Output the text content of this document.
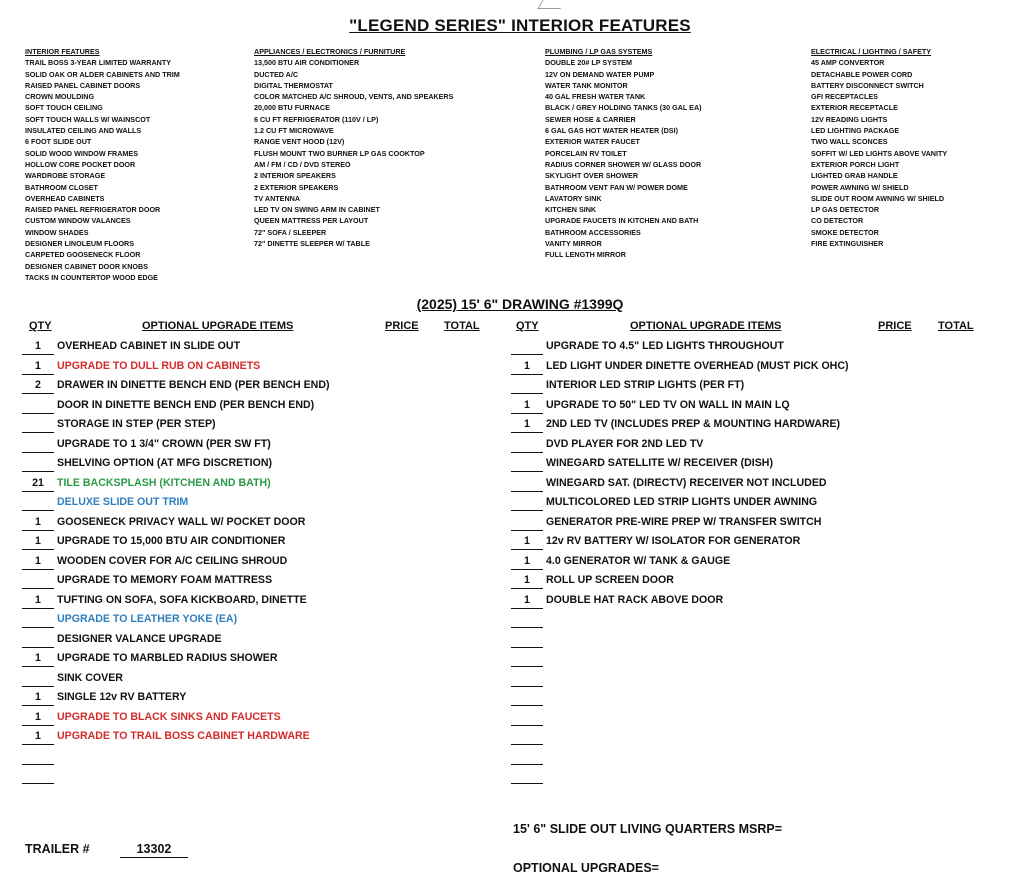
"LEGEND SERIES" INTERIOR FEATURES
INTERIOR FEATURES
TRAIL BOSS 3-YEAR LIMITED WARRANTY
SOLID OAK OR ALDER CABINETS AND TRIM
RAISED PANEL CABINET DOORS
CROWN MOULDING
SOFT TOUCH CEILING
SOFT TOUCH WALLS W/ WAINSCOT
INSULATED CEILING AND WALLS
6 FOOT SLIDE OUT
SOLID WOOD WINDOW FRAMES
HOLLOW CORE POCKET DOOR
WARDROBE STORAGE
BATHROOM CLOSET
OVERHEAD CABINETS
RAISED PANEL REFRIGERATOR DOOR
CUSTOM WINDOW VALANCES
WINDOW SHADES
DESIGNER LINOLEUM FLOORS
CARPETED GOOSENECK FLOOR
DESIGNER CABINET DOOR KNOBS
TACKS IN COUNTERTOP WOOD EDGE
APPLIANCES / ELECTRONICS / FURNITURE
13,500 BTU AIR CONDITIONER
DUCTED A/C
DIGITAL THERMOSTAT
COLOR MATCHED A/C SHROUD, VENTS, AND SPEAKERS
20,000 BTU FURNACE
6 CU FT REFRIGERATOR (110V / LP)
1.2 CU FT MICROWAVE
RANGE VENT HOOD (12V)
FLUSH MOUNT TWO BURNER LP GAS COOKTOP
AM / FM / CD / DVD STEREO
2 INTERIOR SPEAKERS
2 EXTERIOR SPEAKERS
TV ANTENNA
LED TV ON SWING ARM IN CABINET
QUEEN MATTRESS PER LAYOUT
72" SOFA / SLEEPER
72" DINETTE SLEEPER W/ TABLE
PLUMBING / LP GAS SYSTEMS
DOUBLE 20# LP SYSTEM
12V ON DEMAND WATER PUMP
WATER TANK MONITOR
40 GAL FRESH WATER TANK
BLACK / GREY HOLDING TANKS (30 GAL EA)
SEWER HOSE & CARRIER
6 GAL GAS HOT WATER HEATER (DSI)
EXTERIOR WATER FAUCET
PORCELAIN RV TOILET
RADIUS CORNER SHOWER W/ GLASS DOOR
SKYLIGHT OVER SHOWER
BATHROOM VENT FAN W/ POWER DOME
LAVATORY SINK
KITCHEN SINK
UPGRADE FAUCETS IN KITCHEN AND BATH
BATHROOM ACCESSORIES
VANITY MIRROR
FULL LENGTH MIRROR
ELECTRICAL / LIGHTING / SAFETY
45 AMP CONVERTOR
DETACHABLE POWER CORD
BATTERY DISCONNECT SWITCH
GFI RECEPTACLES
EXTERIOR RECEPTACLE
12V READING LIGHTS
LED LIGHTING PACKAGE
TWO WALL SCONCES
SOFFIT W/ LED LIGHTS ABOVE VANITY
EXTERIOR PORCH LIGHT
LIGHTED GRAB HANDLE
POWER AWNING W/ SHIELD
SLIDE OUT ROOM AWNING W/ SHIELD
LP GAS DETECTOR
CO DETECTOR
SMOKE DETECTOR
FIRE EXTINGUISHER
(2025) 15' 6" DRAWING #1399Q
QTY	OPTIONAL UPGRADE ITEMS	PRICE TOTAL	QTY	OPTIONAL UPGRADE ITEMS	PRICE TOTAL
1	OVERHEAD CABINET IN SLIDE OUT
1	UPGRADE TO DULL RUB ON CABINETS
2	DRAWER IN DINETTE BENCH END (PER BENCH END)
DOOR IN DINETTE BENCH END (PER BENCH END)
STORAGE IN STEP (PER STEP)
UPGRADE TO 1 3/4" CROWN (PER SW FT)
SHELVING OPTION (AT MFG DISCRETION)
21	TILE BACKSPLASH (KITCHEN AND BATH)
DELUXE SLIDE OUT TRIM
1	GOOSENECK PRIVACY WALL W/ POCKET DOOR
1	UPGRADE TO 15,000 BTU AIR CONDITIONER
1	WOODEN COVER FOR A/C CEILING SHROUD
UPGRADE TO MEMORY FOAM MATTRESS
1	TUFTING ON SOFA, SOFA KICKBOARD, DINETTE
UPGRADE TO LEATHER YOKE (EA)
DESIGNER VALANCE UPGRADE
1	UPGRADE TO MARBLED RADIUS SHOWER
SINK COVER
1	SINGLE 12v RV BATTERY
1	UPGRADE TO BLACK SINKS AND FAUCETS
1	UPGRADE TO TRAIL BOSS CABINET HARDWARE
UPGRADE TO 4.5" LED LIGHTS THROUGHOUT
1	LED LIGHT UNDER DINETTE OVERHEAD (MUST PICK OHC)
INTERIOR LED STRIP LIGHTS (PER FT)
1	UPGRADE TO 50" LED TV ON WALL IN MAIN LQ
1	2ND LED TV (INCLUDES PREP & MOUNTING HARDWARE)
DVD PLAYER FOR 2ND LED TV
WINEGARD SATELLITE W/ RECEIVER (DISH)
WINEGARD SAT. (DIRECTV) RECEIVER NOT INCLUDED
MULTICOLORED LED STRIP LIGHTS UNDER AWNING
GENERATOR PRE-WIRE PREP W/ TRANSFER SWITCH
1	12v RV BATTERY W/ ISOLATOR FOR GENERATOR
1	4.0 GENERATOR W/ TANK & GAUGE
1	ROLL UP SCREEN DOOR
1	DOUBLE HAT RACK ABOVE DOOR
15' 6" SLIDE OUT LIVING QUARTERS MSRP=
OPTIONAL UPGRADES=
TRAILER #	13302
